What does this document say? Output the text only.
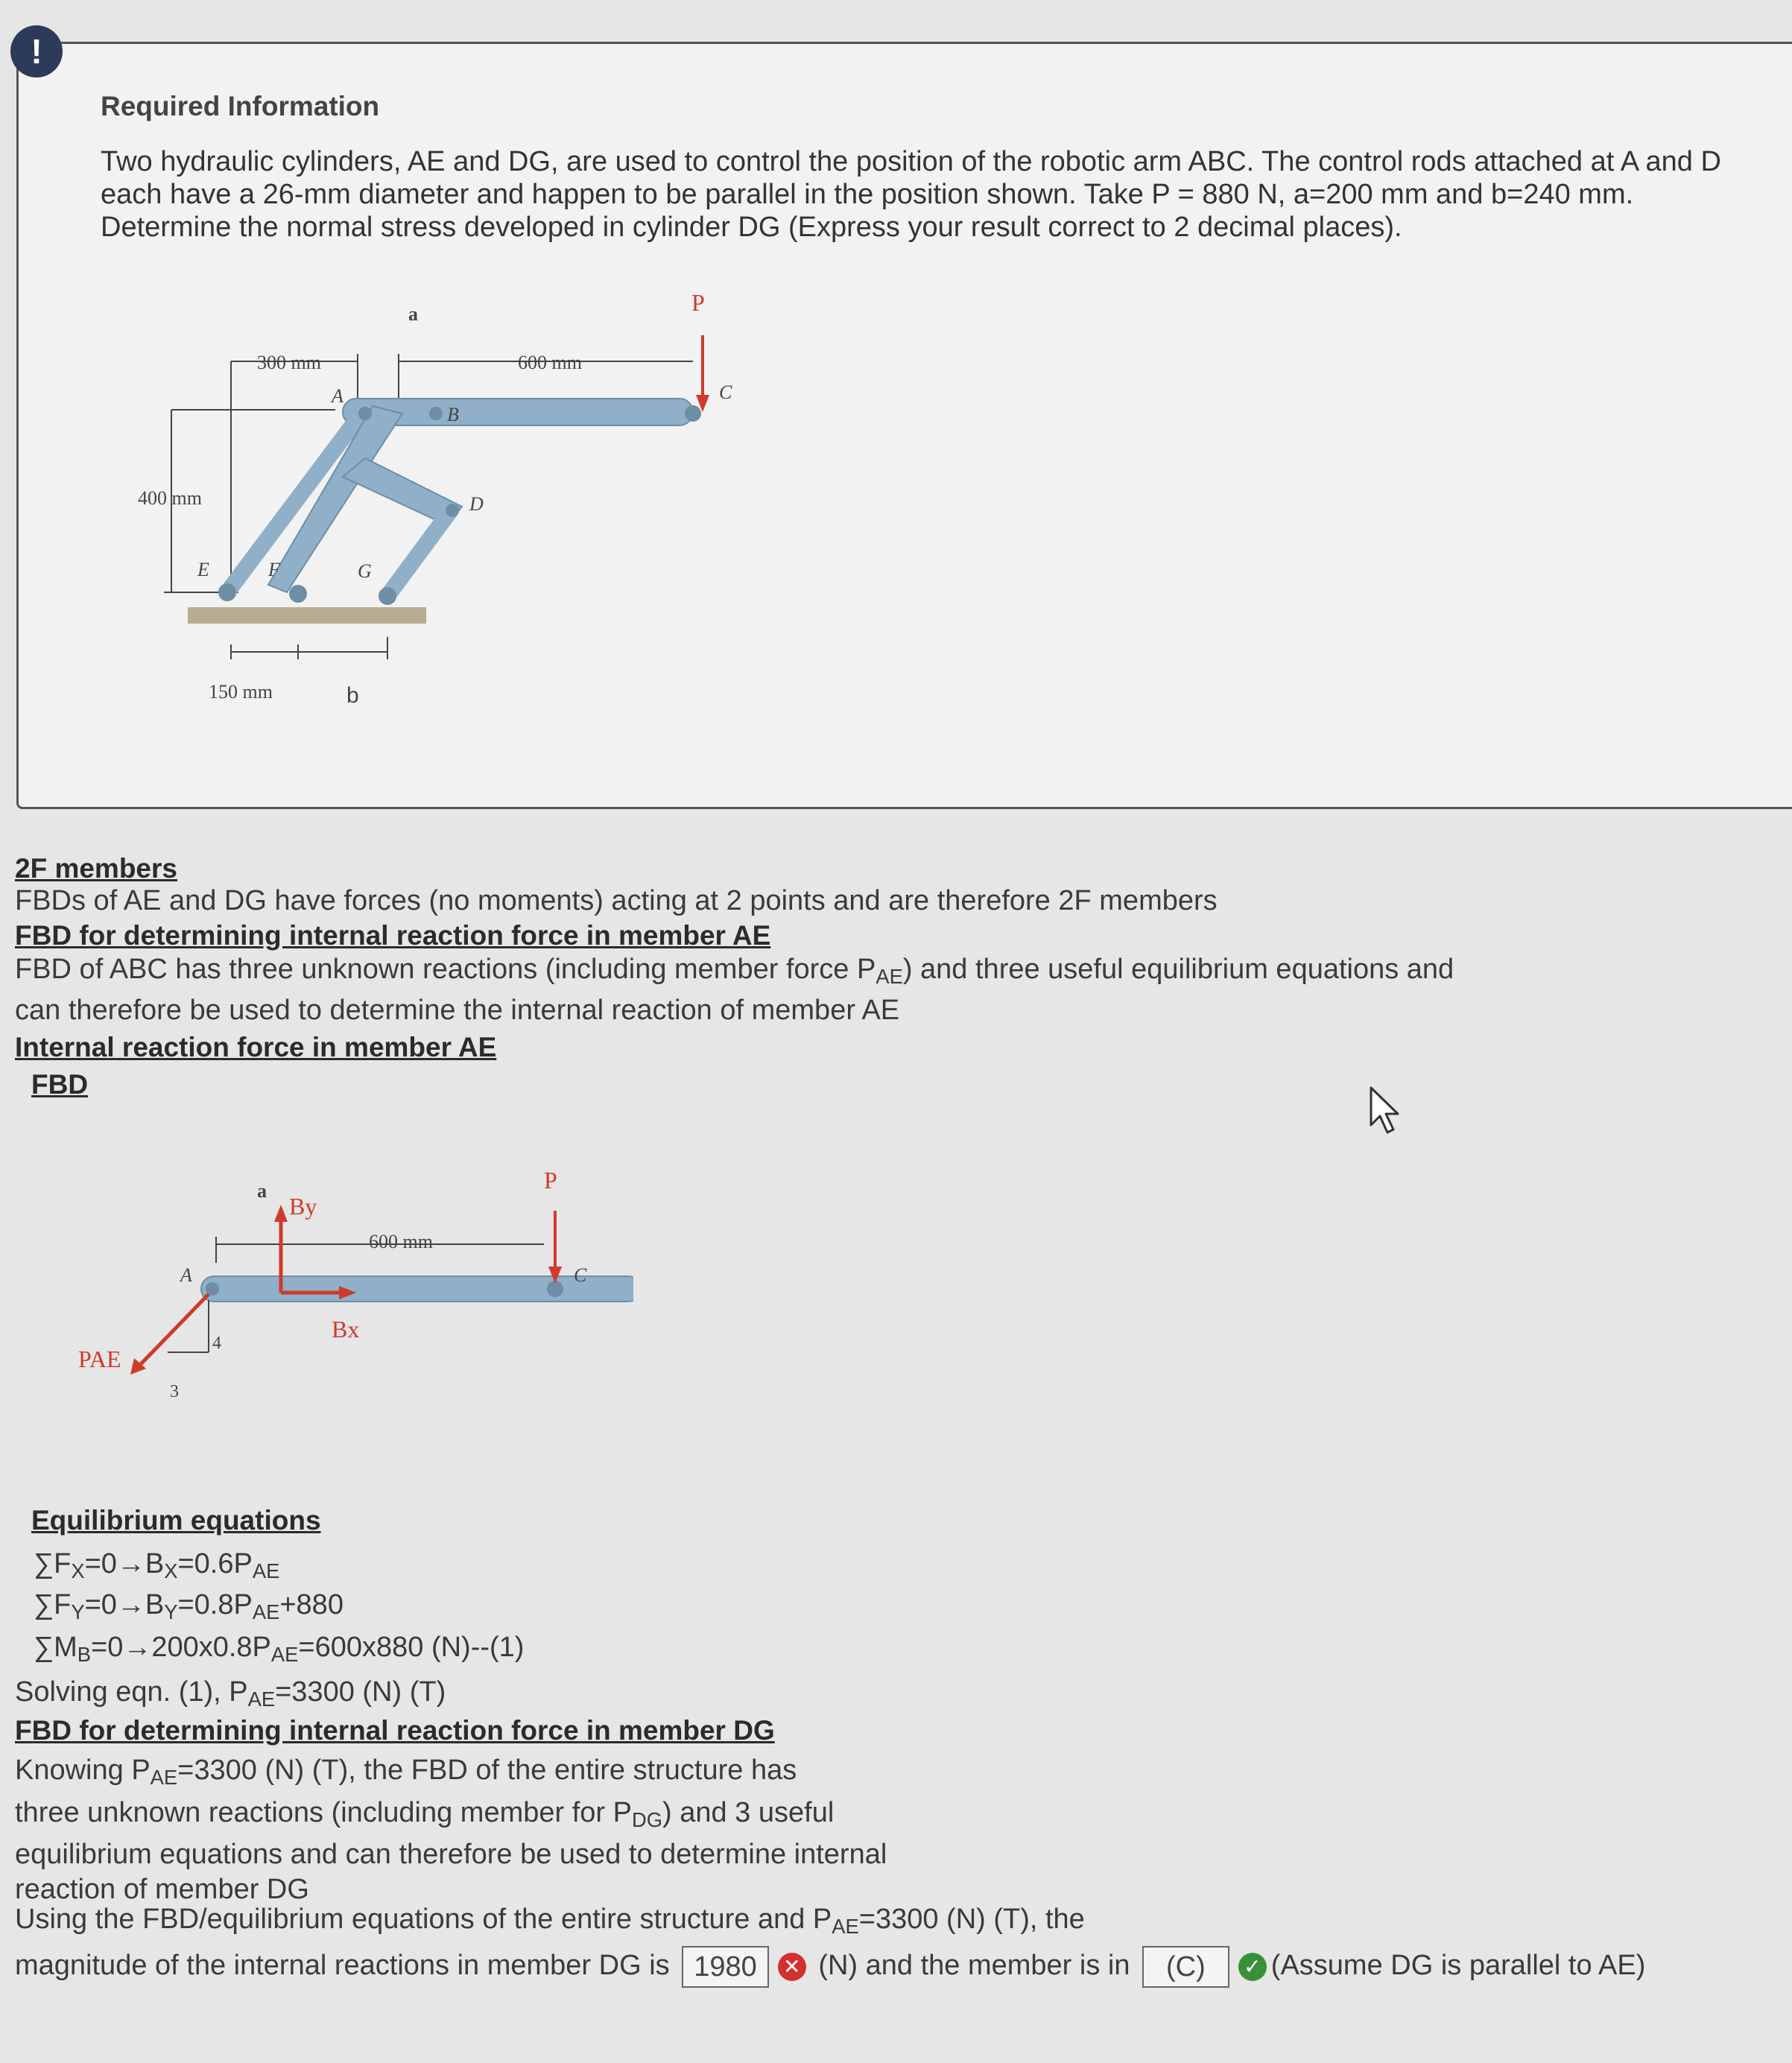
!
Required Information
Two hydraulic cylinders, AE and DG, are used to control the position of the robotic arm ABC. The control rods attached at A and D each have a 26-mm diameter and happen to be parallel in the position shown. Take P = 880 N, a=200 mm and b=240 mm. Determine the normal stress developed in cylinder DG (Express your result correct to 2 decimal places).
300 mm	600 mm
400 mm
150 mm
a
b
P
A
B
C
D
E	F	G
2F members
FBDs of AE and DG have forces (no moments) acting at 2 points and are therefore 2F members
FBD for determining internal reaction force in member AE
FBD of ABC has three unknown reactions (including member force $P_{AE}$) and three useful equilibrium equations and
can therefore be used to determine the internal reaction of member AE
Internal reaction force in member AE
FBD
a
By
Bx
600 mm
P
A	C
PAE
4
3
Equilibrium equations
$\sum F_X=0\to B_X=0.6P_{AE}$
$\sum F_Y=0\to B_Y=0.8P_{AE}+880$
$\sum M_B=0\to 200x0.8P_{AE}=600x880$ (N)--(1)
Solving eqn. (1), $P_{AE}=3300$ (N) (T)
FBD for determining internal reaction force in member DG
Knowing $P_{AE}=3300$ (N) (T), the FBD of the entire structure has
three unknown reactions (including member for $P_{DG}$) and 3 useful
equilibrium equations and can therefore be used to determine internal
reaction of member DG
Using the FBD/equilibrium equations of the entire structure and $P_{AE}=3300$ (N) (T), the
magnitude of the internal reactions in member DG is 1980 ✕ (N) and the member is in (C) ✓ (Assume DG is parallel to AE)
